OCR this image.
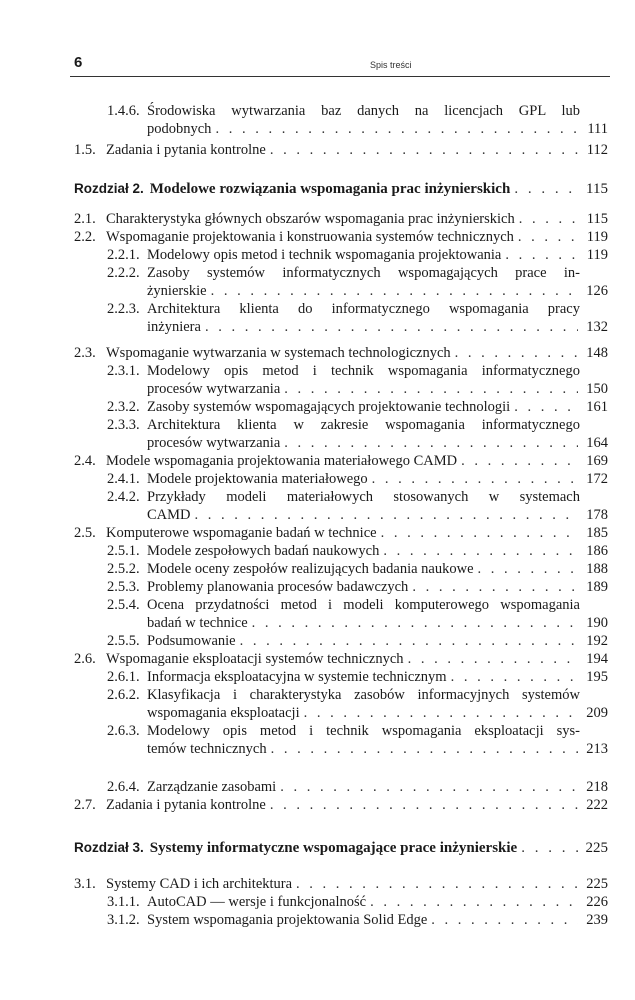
6	Spis treści
1.4.6. Środowiska wytwarzania baz danych na licencjach GPL lub
podobnych . . .	111
1.5. Zadania i pytania kontrolne . . .	112
Rozdział 2. Modelowe rozwiązania wspomagania prac inżynierskich . . .	115
2.1. Charakterystyka głównych obszarów wspomagania prac inżynierskich . . .	115
2.2. Wspomaganie projektowania i konstruowania systemów technicznych . . .	119
2.2.1. Modelowy opis metod i technik wspomagania projektowania . . .	119
2.2.2. Zasoby systemów informatycznych wspomagających prace in-
żynierskie . . .	126
2.2.3. Architektura klienta do informatycznego wspomagania pracy
inżyniera . . .	132
2.3. Wspomaganie wytwarzania w systemach technologicznych . . .	148
2.3.1. Modelowy opis metod i technik wspomagania informatycznego
procesów wytwarzania . . .	150
2.3.2. Zasoby systemów wspomagających projektowanie technologii . . .	161
2.3.3. Architektura klienta w zakresie wspomagania informatycznego
procesów wytwarzania . . .	164
2.4. Modele wspomagania projektowania materiałowego CAMD . . .	169
2.4.1. Modele projektowania materiałowego . . .	172
2.4.2. Przykłady modeli materiałowych stosowanych w systemach
CAMD . . .	178
2.5. Komputerowe wspomaganie badań w technice . . .	185
2.5.1. Modele zespołowych badań naukowych . . .	186
2.5.2. Modele oceny zespołów realizujących badania naukowe . . .	188
2.5.3. Problemy planowania procesów badawczych . . .	189
2.5.4. Ocena przydatności metod i modeli komputerowego wspomagania
badań w technice . . .	190
2.5.5. Podsumowanie . . .	192
2.6. Wspomaganie eksploatacji systemów technicznych . . .	194
2.6.1. Informacja eksploatacyjna w systemie technicznym . . .	195
2.6.2. Klasyfikacja i charakterystyka zasobów informacyjnych systemów
wspomagania eksploatacji . . .	209
2.6.3. Modelowy opis metod i technik wspomagania eksploatacji sys-
temów technicznych . . .	213
2.6.4. Zarządzanie zasobami . . .	218
2.7. Zadania i pytania kontrolne . . .	222
Rozdział 3. Systemy informatyczne wspomagające prace inżynierskie . . .	225
3.1. Systemy CAD i ich architektura . . .	225
3.1.1. AutoCAD — wersje i funkcjonalność . . .	226
3.1.2. System wspomagania projektowania Solid Edge . . .	239
